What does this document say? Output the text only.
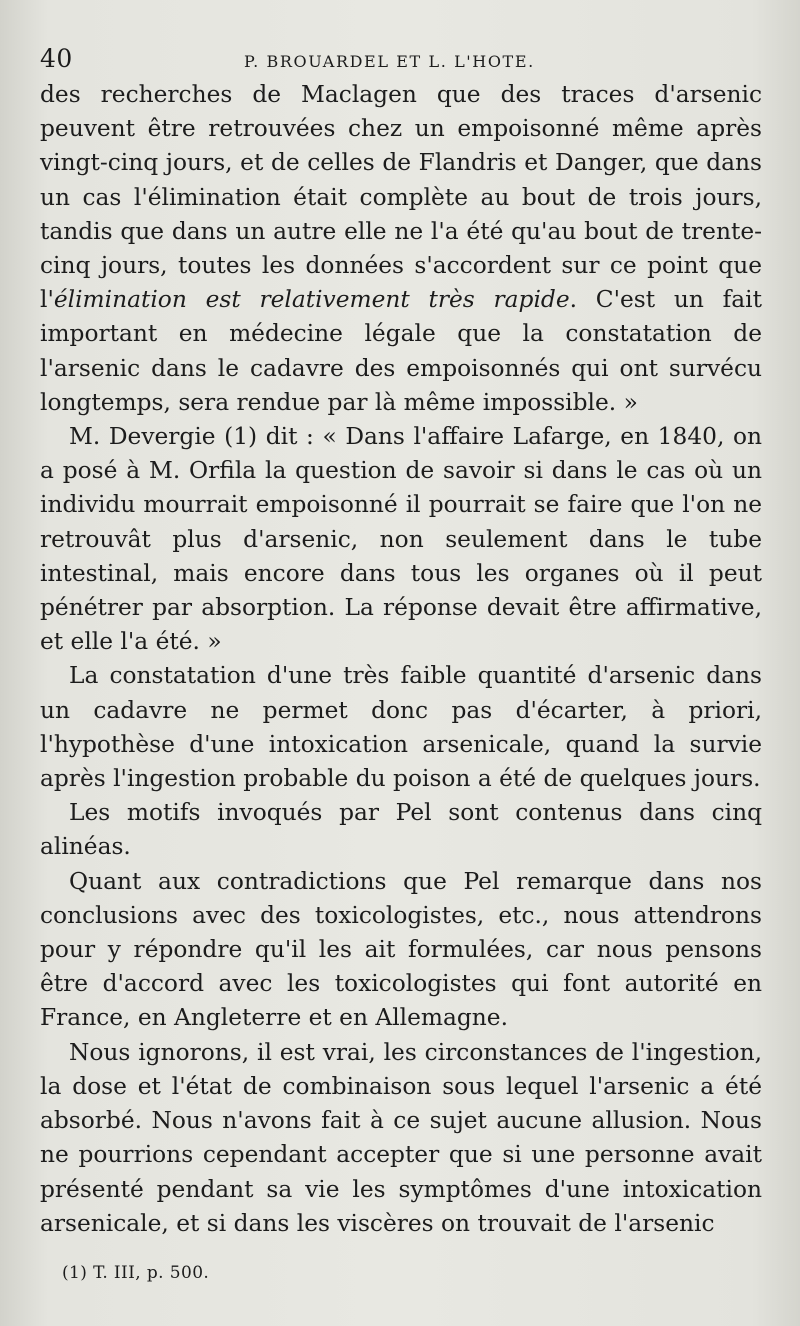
40	P. BROUARDEL ET L. L'HOTE.

des recherches de Maclagen que des traces d'arsenic peuvent être retrouvées chez un empoisonné même après vingt-cinq jours, et de celles de Flandris et Danger, que dans un cas l'élimination était complète au bout de trois jours, tandis que dans un autre elle ne l'a été qu'au bout de trente-cinq jours, toutes les données s'accordent sur ce point que l'élimination est relativement très rapide. C'est un fait important en médecine légale que la constatation de l'arsenic dans le cadavre des empoisonnés qui ont survécu longtemps, sera rendue par là même impossible. »

M. Devergie (1) dit : « Dans l'affaire Lafarge, en 1840, on a posé à M. Orfila la question de savoir si dans le cas où un individu mourrait empoisonné il pourrait se faire que l'on ne retrouvât plus d'arsenic, non seulement dans le tube intestinal, mais encore dans tous les organes où il peut pénétrer par absorption. La réponse devait être affirmative, et elle l'a été. »

La constatation d'une très faible quantité d'arsenic dans un cadavre ne permet donc pas d'écarter, à priori, l'hypothèse d'une intoxication arsenicale, quand la survie après l'ingestion probable du poison a été de quelques jours.

Les motifs invoqués par Pel sont contenus dans cinq alinéas.

Quant aux contradictions que Pel remarque dans nos conclusions avec des toxicologistes, etc., nous attendrons pour y répondre qu'il les ait formulées, car nous pensons être d'accord avec les toxicologistes qui font autorité en France, en Angleterre et en Allemagne.

Nous ignorons, il est vrai, les circonstances de l'ingestion, la dose et l'état de combinaison sous lequel l'arsenic a été absorbé. Nous n'avons fait à ce sujet aucune allusion. Nous ne pourrions cependant accepter que si une personne avait présenté pendant sa vie les symptômes d'une intoxication arsenicale, et si dans les viscères on trouvait de l'arsenic

(1) T. III, p. 500.
